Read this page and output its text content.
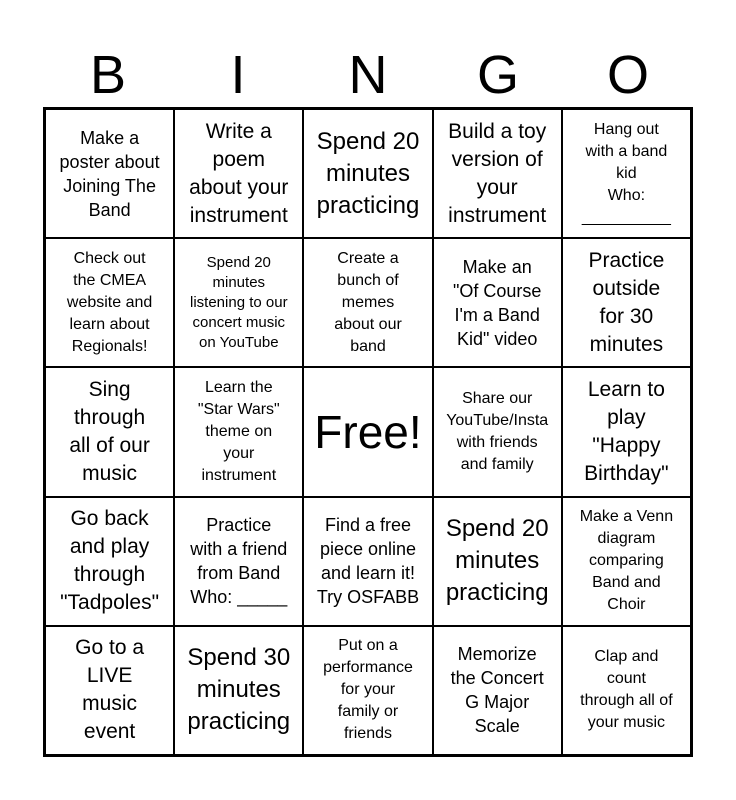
B	I	N	G	O
Make a
poster about
Joining The
Band
Write a
poem
about your
instrument
Spend 20
minutes
practicing
Build a toy
version of
your
instrument
Hang out
with a band
kid
Who:
__________
Check out
the CMEA
website and
learn about
Regionals!
Spend 20
minutes
listening to our
concert music
on YouTube
Create a
bunch of
memes
about our
band
Make an
"Of Course
I'm a Band
Kid" video
Practice
outside
for 30
minutes
Sing
through
all of our
music
Learn the
"Star Wars"
theme on
your
instrument
Free!
Share our
YouTube/Insta
with friends
and family
Learn to
play
"Happy
Birthday"
Go back
and play
through
"Tadpoles"
Practice
with a friend
from Band
Who: _____
Find a free
piece online
and learn it!
Try OSFABB
Spend 20
minutes
practicing
Make a Venn
diagram
comparing
Band and
Choir
Go to a
LIVE
music
event
Spend 30
minutes
practicing
Put on a
performance
for your
family or
friends
Memorize
the Concert
G Major
Scale
Clap and
count
through all of
your music
